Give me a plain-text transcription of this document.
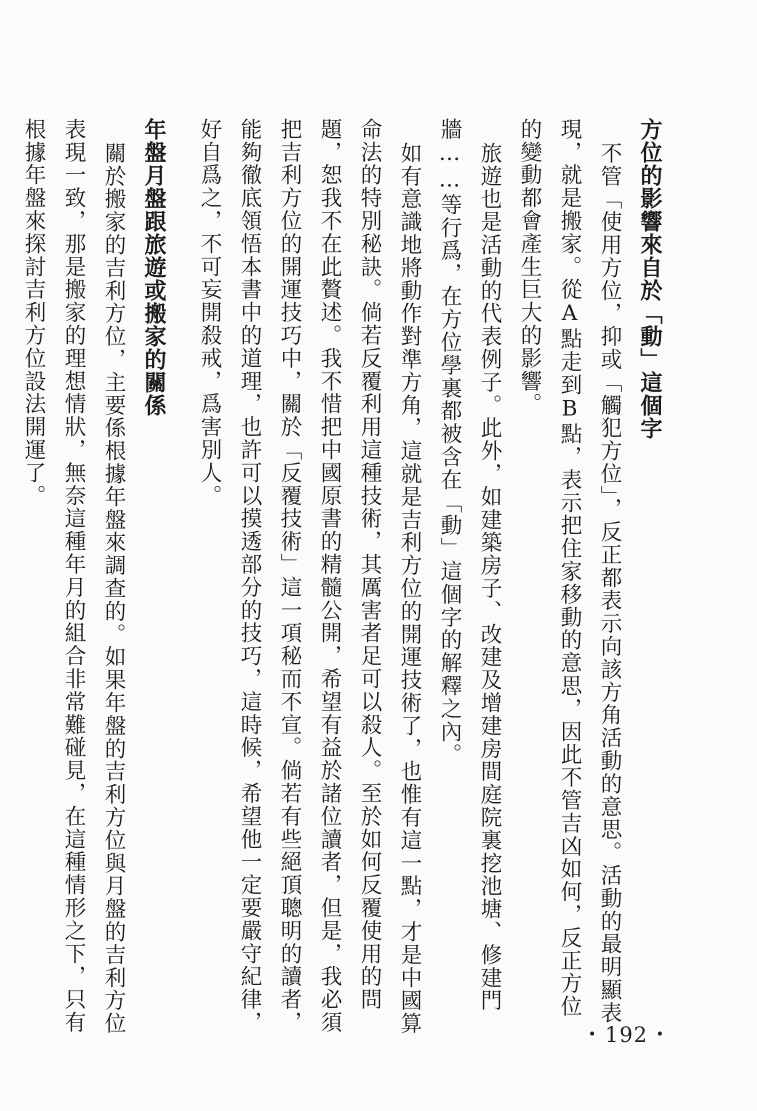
方位的影響來自於「動」這個字
不管「使用方位，抑或「觸犯方位」，反正都表示向該方角活動的意思。活動的最明顯表現，就是搬家。從A點走到B點，表示把住家移動的意思，因此不管吉凶如何，反正方位的變動都會產生巨大的影響。
旅遊也是活動的代表例子。此外，如建築房子、改建及增建房間庭院裏挖池塘、修建門牆……等行爲，在方位學裏都被含在「動」這個字的解釋之內。
如有意識地將動作對準方角，這就是吉利方位的開運技術了，也惟有這一點，才是中國算命法的特別秘訣。倘若反覆利用這種技術，其厲害者足可以殺人。至於如何反覆使用的問題，恕我不在此贅述。我不惜把中國原書的精髓公開，希望有益於諸位讀者，但是，我必須把吉利方位的開運技巧中，關於「反覆技術」這一項秘而不宣。倘若有些絕頂聰明的讀者，能夠徹底領悟本書中的道理，也許可以摸透部分的技巧，這時候，希望他一定要嚴守紀律，好自爲之，不可妄開殺戒，爲害別人。
年盤月盤跟旅遊或搬家的關係
關於搬家的吉利方位，主要係根據年盤來調查的。如果年盤的吉利方位與月盤的吉利方位表現一致，那是搬家的理想情狀，無奈這種年月的組合非常難碰見，在這種情形之下，只有根據年盤來探討吉利方位設法開運了。
• 192 •
